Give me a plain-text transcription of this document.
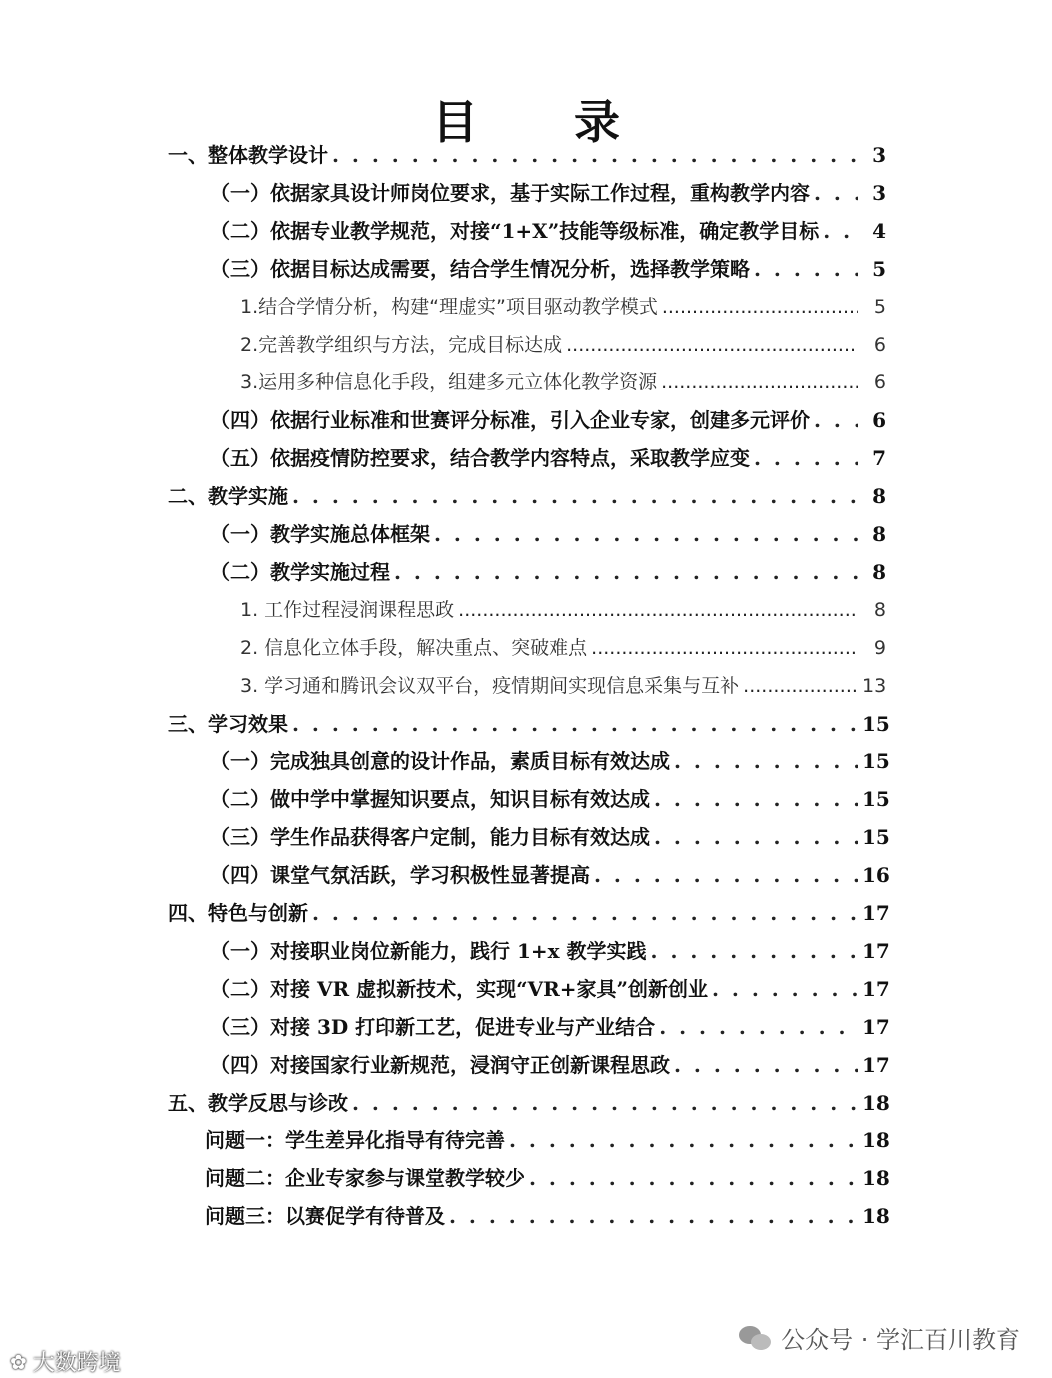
目 录
一、整体教学设计 . . .	3
（一）依据家具设计师岗位要求，基于实际工作过程，重构教学内容 . . .	3
（二）依据专业教学规范，对接“1+X”技能等级标准，确定教学目标 . . .	4
（三）依据目标达成需要，结合学生情况分析，选择教学策略 . . .	5
1.结合学情分析，构建“理虚实”项目驱动教学模式 .....	5
2.完善教学组织与方法，完成目标达成 .....	6
3.运用多种信息化手段，组建多元立体化教学资源 .....	6
（四）依据行业标准和世赛评分标准，引入企业专家，创建多元评价 . . .	6
（五）依据疫情防控要求，结合教学内容特点，采取教学应变 . . .	7
二、教学实施 . . .	8
（一）教学实施总体框架 . . .	8
（二）教学实施过程 . . .	8
1. 工作过程浸润课程思政 .....	8
2. 信息化立体手段，解决重点、突破难点 .....	9
3. 学习通和腾讯会议双平台，疫情期间实现信息采集与互补 .....	13
三、学习效果 . . .	15
（一）完成独具创意的设计作品，素质目标有效达成 . . .	15
（二）做中学中掌握知识要点，知识目标有效达成 . . .	15
（三）学生作品获得客户定制，能力目标有效达成 . . .	15
（四）课堂气氛活跃，学习积极性显著提高 . . .	16
四、特色与创新 . . .	17
（一）对接职业岗位新能力，践行 1+x 教学实践 . . .	17
（二）对接 VR 虚拟新技术，实现“VR+家具”创新创业 . . .	17
（三）对接 3D 打印新工艺，促进专业与产业结合 . . .	17
（四）对接国家行业新规范，浸润守正创新课程思政 . . .	17
五、教学反思与诊改 . . .	18
问题一：学生差异化指导有待完善 . . .	18
问题二：企业专家参与课堂教学较少 . . .	18
问题三：以赛促学有待普及 . . .	18
公众号 · 学汇百川教育
✿ 大数跨境
